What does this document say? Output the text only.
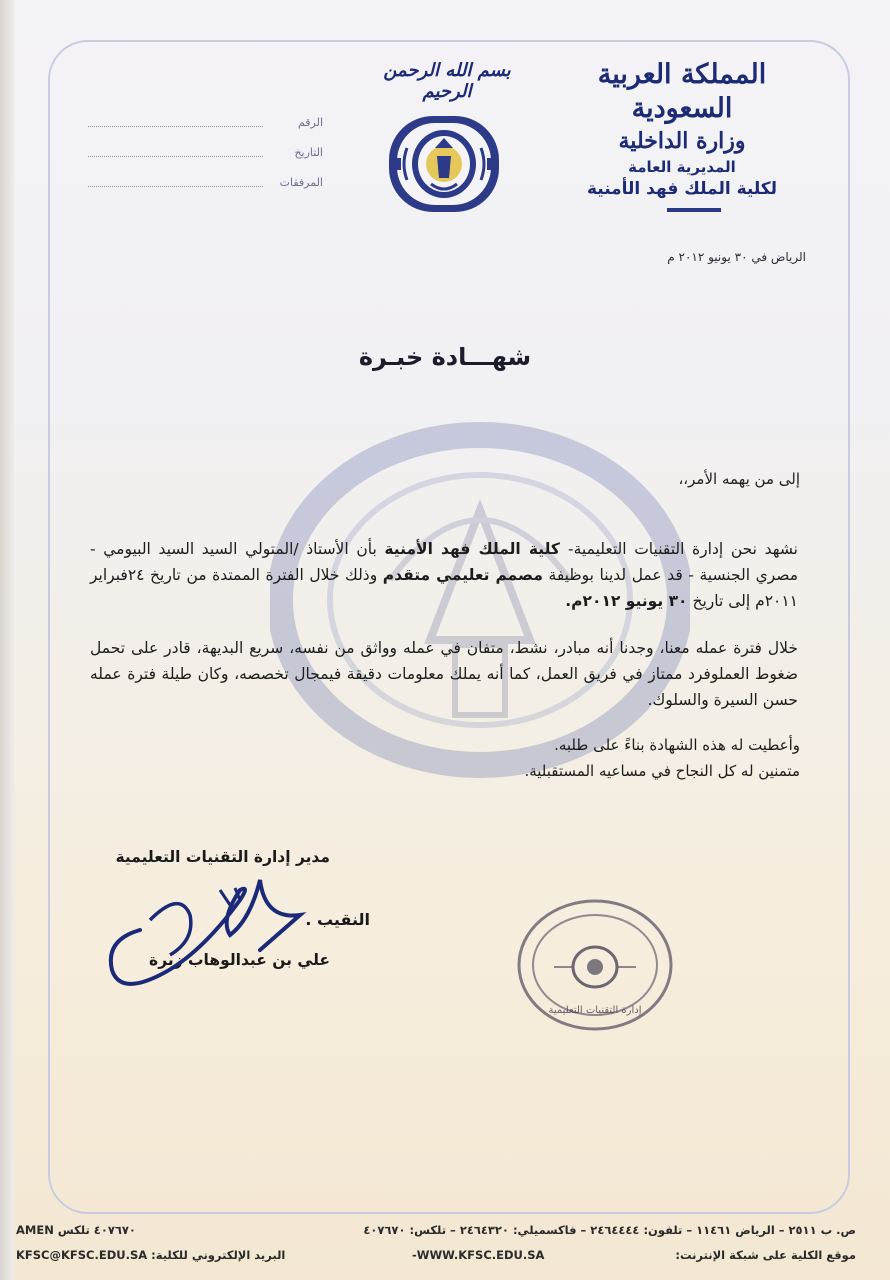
المملكة العربية السعودية
وزارة الداخلية
المديرية العامة
لكلية الملك فهد الأمنية
بسم الله الرحمن الرحيم
الرقم
التاريخ
المرفقات
الرياض في ٣٠ يونيو ٢٠١٢ م
شهـــادة خبـرة
إلى من يهمه الأمر،،
نشهد نحن إدارة التقنيات التعليمية- كلية الملك فهد الأمنية بأن الأستاذ /المتولي السيد السيد البيومي - مصري الجنسية - قد عمل لدينا بوظيفة مصمم تعليمي متقدم وذلك خلال الفترة الممتدة من تاريخ ٢٤فبراير ٢٠١١م إلى تاريخ ٣٠ يونيو ٢٠١٢م.
خلال فترة عمله معنا، وجدنا أنه مبادر، نشط، متفان في عمله وواثق من نفسه، سريع البديهة، قادر على تحمل ضغوط العملوفرد ممتاز في فريق العمل، كما أنه يملك معلومات دقيقة فيمجال تخصصه، وكان طيلة فترة عمله حسن السيرة والسلوك.
وأعطيت له هذه الشهادة بناءً على طلبه.
متمنين له كل النجاح في مساعيه المستقبلية.
مدير إدارة التقنيات التعليمية
النقيب .
علي بن عبدالوهاب زبرة
إدارة التقنيات التعليمية
AMEN ٤٠٧٦٧٠ تلكس	ص. ب ٢٥١١ – الرياض ١١٤٦١ – تلفون: ٢٤٦٤٤٤٤ – فاكسميلي: ٢٤٦٤٣٢٠ – تلكس: ٤٠٧٦٧٠
KFSC@KFSC.EDU.SA :البريد الإلكتروني للكلية	WWW.KFSC.EDU.SA-	موقع الكلية على شبكة الإنترنت:
